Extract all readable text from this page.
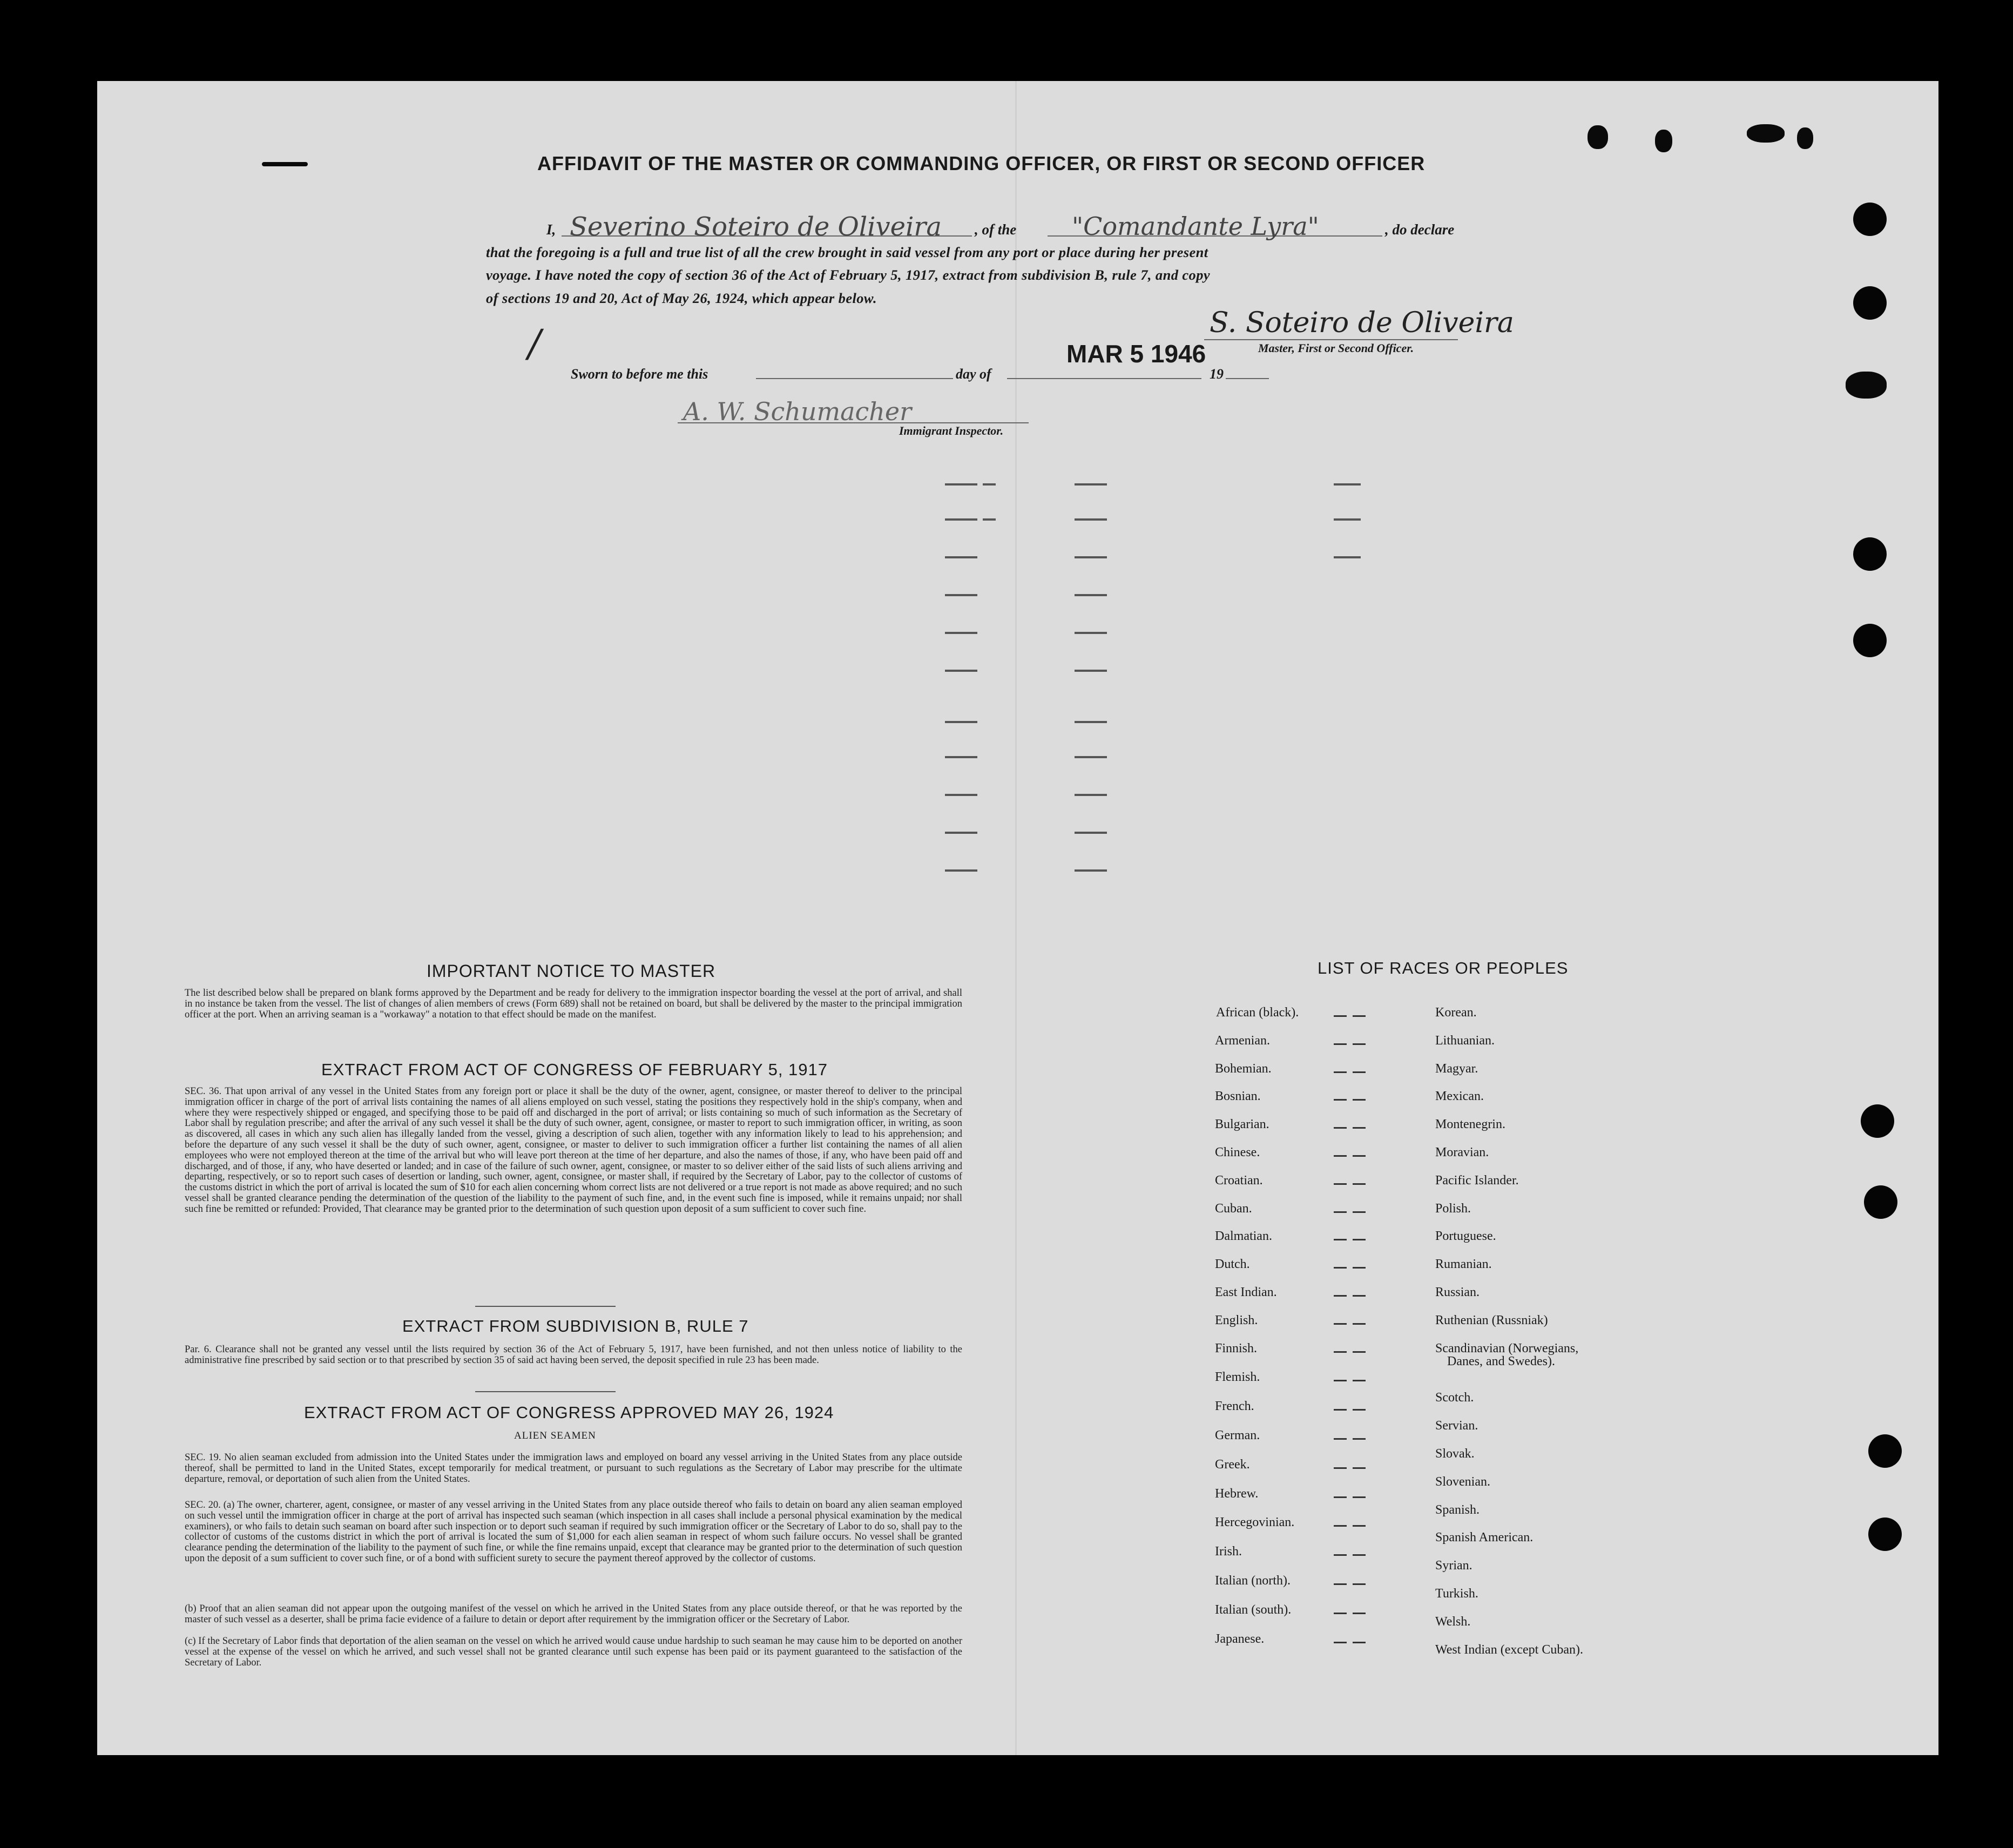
AFFIDAVIT OF THE MASTER OR COMMANDING OFFICER, OR FIRST OR SECOND OFFICER
I, Severino Soteiro de Oliveira , of the "Comandante Lyra"	, do declare
that the foregoing is a full and true list of all the crew brought in said vessel from any port or place during her present
voyage. I have noted the copy of section 36 of the Act of February 5, 1917, extract from subdivision B, rule 7, and copy
of sections 19 and 20, Act of May 26, 1924, which appear below.
S. Soteiro de Oliveira
Master, First or Second Officer.
/
Sworn to before me this	day of
MAR 5 1946
19
A. W. Schumacher
Immigrant Inspector.
IMPORTANT NOTICE TO MASTER
The list described below shall be prepared on blank forms approved by the Department and be ready for delivery to the immigration inspector boarding the vessel at the port of arrival, and shall in no instance be taken from the vessel. The list of changes of alien members of crews (Form 689) shall not be retained on board, but shall be delivered by the master to the principal immigration officer at the port. When an arriving seaman is a "workaway" a notation to that effect should be made on the manifest.
EXTRACT FROM ACT OF CONGRESS OF FEBRUARY 5, 1917
SEC. 36. That upon arrival of any vessel in the United States from any foreign port or place it shall be the duty of the owner, agent, consignee, or master thereof to deliver to the principal immigration officer in charge of the port of arrival lists containing the names of all aliens employed on such vessel, stating the positions they respectively hold in the ship's company, when and where they were respectively shipped or engaged, and specifying those to be paid off and discharged in the port of arrival; or lists containing so much of such information as the Secretary of Labor shall by regulation prescribe; and after the arrival of any such vessel it shall be the duty of such owner, agent, consignee, or master to report to such immigration officer, in writing, as soon as discovered, all cases in which any such alien has illegally landed from the vessel, giving a description of such alien, together with any information likely to lead to his apprehension; and before the departure of any such vessel it shall be the duty of such owner, agent, consignee, or master to deliver to such immigration officer a further list containing the names of all alien employees who were not employed thereon at the time of the arrival but who will leave port thereon at the time of her departure, and also the names of those, if any, who have been paid off and discharged, and of those, if any, who have deserted or landed; and in case of the failure of such owner, agent, consignee, or master to so deliver either of the said lists of such aliens arriving and departing, respectively, or so to report such cases of desertion or landing, such owner, agent, consignee, or master shall, if required by the Secretary of Labor, pay to the collector of customs of the customs district in which the port of arrival is located the sum of $10 for each alien concerning whom correct lists are not delivered or a true report is not made as above required; and no such vessel shall be granted clearance pending the determination of the question of the liability to the payment of such fine, and, in the event such fine is imposed, while it remains unpaid; nor shall such fine be remitted or refunded: Provided, That clearance may be granted prior to the determination of such question upon deposit of a sum sufficient to cover such fine.
EXTRACT FROM SUBDIVISION B, RULE 7
Par. 6. Clearance shall not be granted any vessel until the lists required by section 36 of the Act of February 5, 1917, have been furnished, and not then unless notice of liability to the administrative fine prescribed by said section or to that prescribed by section 35 of said act having been served, the deposit specified in rule 23 has been made.
EXTRACT FROM ACT OF CONGRESS APPROVED MAY 26, 1924
ALIEN SEAMEN
SEC. 19. No alien seaman excluded from admission into the United States under the immigration laws and employed on board any vessel arriving in the United States from any place outside thereof, shall be permitted to land in the United States, except temporarily for medical treatment, or pursuant to such regulations as the Secretary of Labor may prescribe for the ultimate departure, removal, or deportation of such alien from the United States.
SEC. 20. (a) The owner, charterer, agent, consignee, or master of any vessel arriving in the United States from any place outside thereof who fails to detain on board any alien seaman employed on such vessel until the immigration officer in charge at the port of arrival has inspected such seaman (which inspection in all cases shall include a personal physical examination by the medical examiners), or who fails to detain such seaman on board after such inspection or to deport such seaman if required by such immigration officer or the Secretary of Labor to do so, shall pay to the collector of customs of the customs district in which the port of arrival is located the sum of $1,000 for each alien seaman in respect of whom such failure occurs. No vessel shall be granted clearance pending the determination of the liability to the payment of such fine, or while the fine remains unpaid, except that clearance may be granted prior to the determination of such question upon the deposit of a sum sufficient to cover such fine, or of a bond with sufficient surety to secure the payment thereof approved by the collector of customs.
(b) Proof that an alien seaman did not appear upon the outgoing manifest of the vessel on which he arrived in the United States from any place outside thereof, or that he was reported by the master of such vessel as a deserter, shall be prima facie evidence of a failure to detain or deport after requirement by the immigration officer or the Secretary of Labor.
(c) If the Secretary of Labor finds that deportation of the alien seaman on the vessel on which he arrived would cause undue hardship to such seaman he may cause him to be deported on another vessel at the expense of the vessel on which he arrived, and such vessel shall not be granted clearance until such expense has been paid or its payment guaranteed to the satisfaction of the Secretary of Labor.
LIST OF RACES OR PEOPLES
Danes, and Swedes).
African (black).
Armenian.
Bohemian.
Bosnian.
Bulgarian.
Chinese.
Croatian.
Cuban.
Dalmatian.
Dutch.
East Indian.
English.
Finnish.
Flemish.
French.
German.
Greek.
Hebrew.
Hercegovinian.
Irish.
Italian (north).
Italian (south).
Japanese.
Korean.
Lithuanian.
Magyar.
Mexican.
Montenegrin.
Moravian.
Pacific Islander.
Polish.
Portuguese.
Rumanian.
Russian.
Ruthenian (Russniak)
Scandinavian (Norwegians,
Scotch.
Servian.
Slovak.
Slovenian.
Spanish.
Spanish American.
Syrian.
Turkish.
Welsh.
West Indian (except Cuban).
